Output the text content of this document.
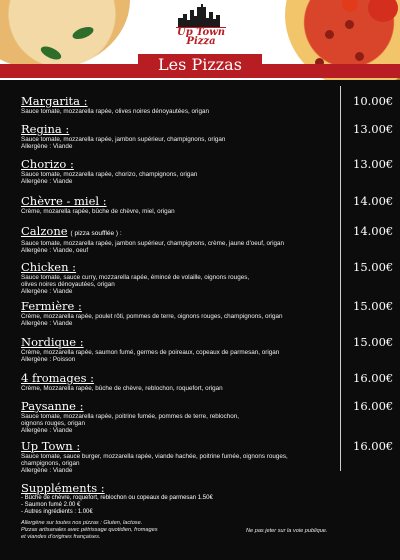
Up Town
Pizza
Les Pizzas
Margarita :
Sauce tomate, mozzarella rapée, olives noires dénoyautées, origan
10.00€
Regina :
Sauce tomate, mozzarella rapée, jambon supérieur, champignons, origan
Allergène : Viande
13.00€
Chorizo :
Sauce tomate, mozzarella rapée, chorizo, champignons, origan
Allergène : Viande
13.00€
Chèvre - miel :
Crème, mozarella rapée, bûche de chèvre, miel, origan
14.00€
Calzone ( pizza soufflée ) :
Sauce tomate, mozzarella rapée, jambon supérieur, champignons, crème, jaune d'oeuf, origan
Allergène : Viande, oeuf
14.00€
Chicken :
Sauce tomate, sauce curry, mozzarella rapée, émincé de volaille, oignons rouges,
olives noires dénoyautées, origan
Allergène : Viande
15.00€
Fermière :
Crème, mozzarella rapée, poulet rôti, pommes de terre, oignons rouges, champignons, origan
Allergène : Viande
15.00€
Nordique :
Crème, mozzarella rapée, saumon fumé, germes de poireaux, copeaux de parmesan, origan
Allergène : Poisson
15.00€
4 fromages :
Crème, Mozzarella rapée, bûche de chèvre, reblochon, roquefort, origan
16.00€
Paysanne :
Sauce tomate, mozzarella rapée, poitrine fumée, pommes de terre, reblochon,
oignons rouges, origan
Allergène : Viande
16.00€
Up Town :
Sauce tomate, sauce burger, mozzarella rapée, viande hachée, poitrine fumée, oignons rouges,
champignons, origan
Allergène : Viande
16.00€
Suppléments :
- Bûche de chèvre, roquefort, reblochon ou copeaux de parmesan 1.50€
- Saumon fumé 2.00 €
- Autres ingrédients : 1.00€
Allergène sur toutes nos pizzas : Gluten, lactose.
Pizzas artisanales avec pétrissage quotidien, fromages
et viandes d'origines françaises.
Ne pas jeter sur la voie publique.
